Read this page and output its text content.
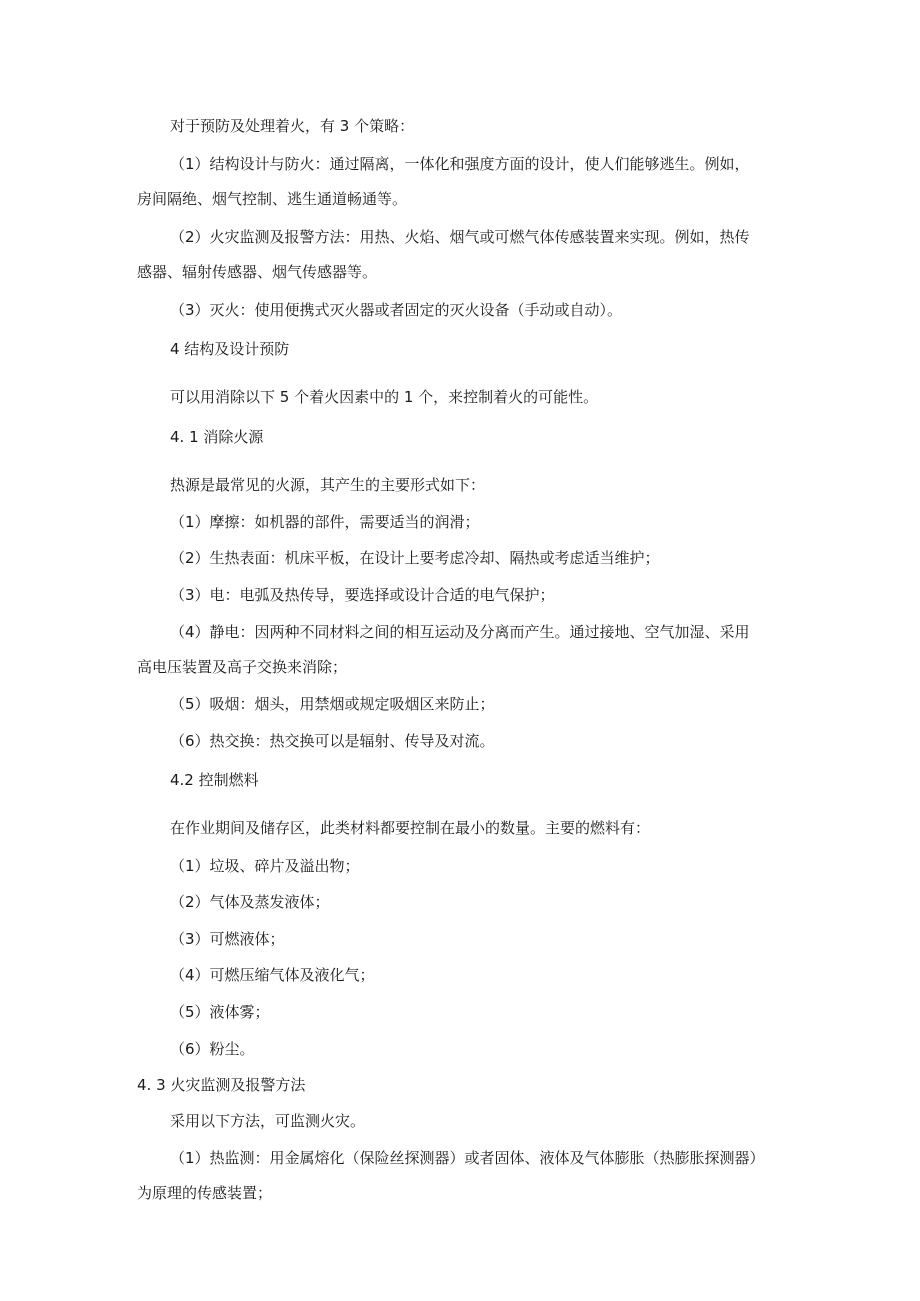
对于预防及处理着火，有 3 个策略：
（1）结构设计与防火：通过隔离，一体化和强度方面的设计，使人们能够逃生。例如，
房间隔绝、烟气控制、逃生通道畅通等。
（2）火灾监测及报警方法：用热、火焰、烟气或可燃气体传感装置来实现。例如，热传
感器、辐射传感器、烟气传感器等。
（3）灭火：使用便携式灭火器或者固定的灭火设备（手动或自动）。
4 结构及设计预防
可以用消除以下 5 个着火因素中的 1 个，来控制着火的可能性。
4. 1 消除火源
热源是最常见的火源，其产生的主要形式如下：
（1）摩擦：如机器的部件，需要适当的润滑；
（2）生热表面：机床平板，在设计上要考虑冷却、隔热或考虑适当维护；
（3）电：电弧及热传导，要选择或设计合适的电气保护；
（4）静电：因两种不同材料之间的相互运动及分离而产生。通过接地、空气加湿、采用
高电压装置及高子交换来消除；
（5）吸烟：烟头，用禁烟或规定吸烟区来防止；
（6）热交换：热交换可以是辐射、传导及对流。
4.2 控制燃料
在作业期间及储存区，此类材料都要控制在最小的数量。主要的燃料有：
（1）垃圾、碎片及溢出物；
（2）气体及蒸发液体；
（3）可燃液体；
（4）可燃压缩气体及液化气；
（5）液体雾；
（6）粉尘。
4. 3 火灾监测及报警方法
采用以下方法，可监测火灾。
（1）热监测：用金属熔化（保险丝探测器）或者固体、液体及气体膨胀（热膨胀探测器）
为原理的传感装置；
